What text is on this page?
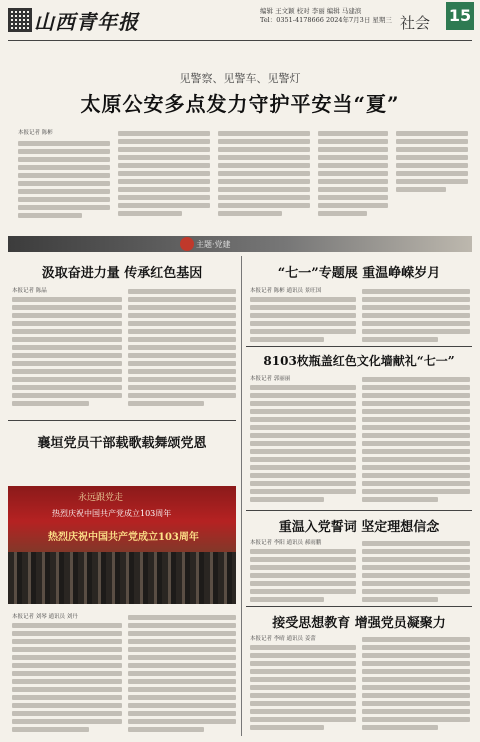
山西青年报	编辑 王文颖 校对 李丽 编辑 马建滨
Tel：0351-4178666 2024年7月3日 星期三 社会 15
见警察、见警车、见警灯
太原公安多点发力守护平安当“夏”
本报记者 陈彬
主题·党建
汲取奋进力量 传承红色基因
本报记者 陈晶
襄垣党员干部载歌载舞颂党恩
永远跟党走
热烈庆祝中国共产党成立103周年
热烈庆祝中国共产党成立103周年
本报记者 刘琴 通讯员 刘丹
“七一”专题展 重温峥嵘岁月
本报记者 陈彬 通讯员 景旺国
8103枚瓶盖红色文化墙献礼“七一”
本报记者 郭丽丽
重温入党誓词 坚定理想信念
本报记者 李阳 通讯员 郝雨鹏
接受思想教育 增强党员凝聚力
本报记者 李晴 通讯员 姜蕾
